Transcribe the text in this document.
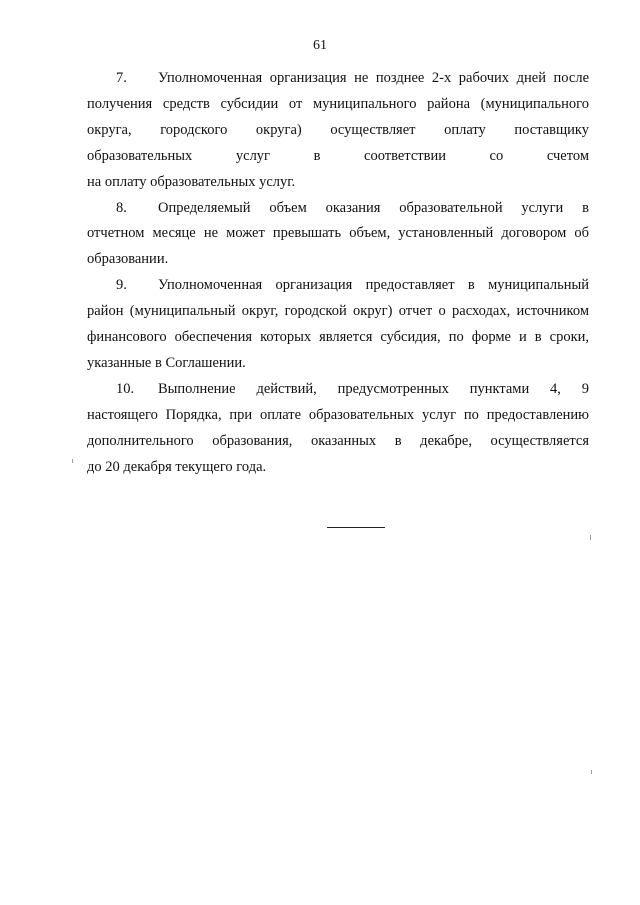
61

7. Уполномоченная организация не позднее 2-х рабочих дней после
получения средств субсидии от муниципального района (муниципального
округа, городского округа) осуществляет оплату поставщику
образовательных услуг в соответствии со счетом
на оплату образовательных услуг.

8. Определяемый объем оказания образовательной услуги в
отчетном месяце не может превышать объем, установленный договором об
образовании.

9. Уполномоченная организация предоставляет в муниципальный
район (муниципальный округ, городской округ) отчет о расходах, источником
финансового обеспечения которых является субсидия, по форме и в сроки,
указанные в Соглашении.

10. Выполнение действий, предусмотренных пунктами 4, 9
настоящего Порядка, при оплате образовательных услуг по предоставлению
дополнительного образования, оказанных в декабре, осуществляется
до 20 декабря текущего года.
